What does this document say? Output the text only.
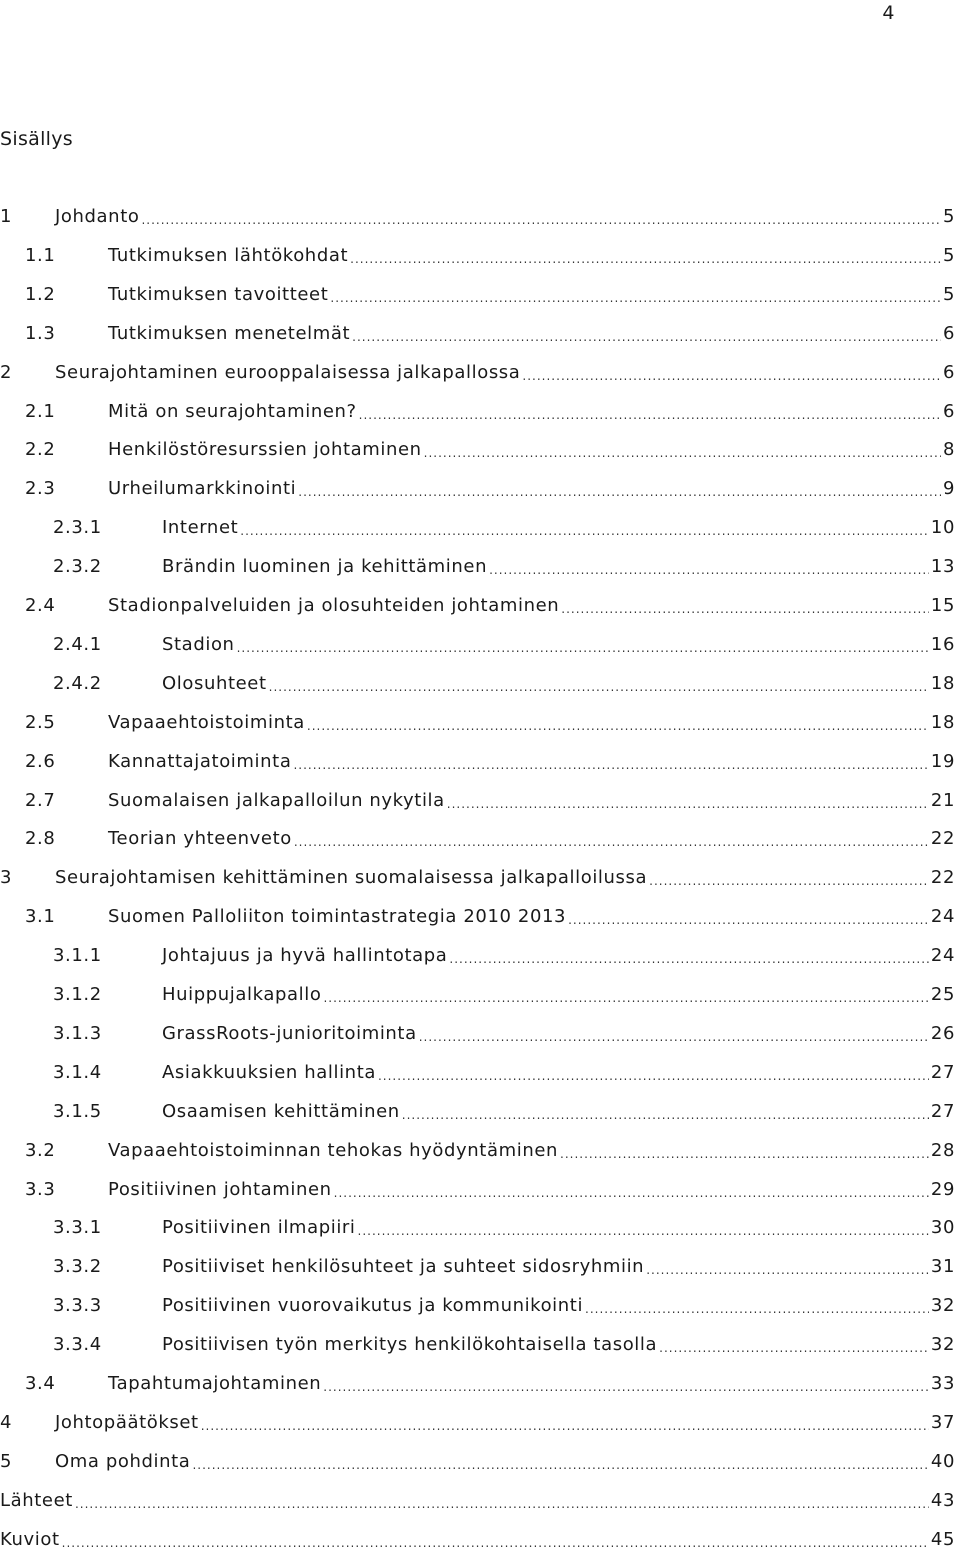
4
Sisällys
1	Johdanto .....	5
1.1	Tutkimuksen lähtökohdat .....	5
1.2	Tutkimuksen tavoitteet .....	5
1.3	Tutkimuksen menetelmät .....	6
2	Seurajohtaminen eurooppalaisessa jalkapallossa .....	6
2.1	Mitä on seurajohtaminen? .....	6
2.2	Henkilöstöresurssien johtaminen .....	8
2.3	Urheilumarkkinointi .....	9
2.3.1	Internet .....	10
2.3.2	Brändin luominen ja kehittäminen .....	13
2.4	Stadionpalveluiden ja olosuhteiden johtaminen .....	15
2.4.1	Stadion .....	16
2.4.2	Olosuhteet .....	18
2.5	Vapaaehtoistoiminta .....	18
2.6	Kannattajatoiminta .....	19
2.7	Suomalaisen jalkapalloilun nykytila .....	21
2.8	Teorian yhteenveto .....	22
3	Seurajohtamisen kehittäminen suomalaisessa jalkapalloilussa .....	22
3.1	Suomen Palloliiton toimintastrategia 2010 2013 .....	24
3.1.1	Johtajuus ja hyvä hallintotapa .....	24
3.1.2	Huippujalkapallo .....	25
3.1.3	GrassRoots-junioritoiminta .....	26
3.1.4	Asiakkuuksien hallinta .....	27
3.1.5	Osaamisen kehittäminen .....	27
3.2	Vapaaehtoistoiminnan tehokas hyödyntäminen .....	28
3.3	Positiivinen johtaminen .....	29
3.3.1	Positiivinen ilmapiiri .....	30
3.3.2	Positiiviset henkilösuhteet ja suhteet sidosryhmiin .....	31
3.3.3	Positiivinen vuorovaikutus ja kommunikointi .....	32
3.3.4	Positiivisen työn merkitys henkilökohtaisella tasolla .....	32
3.4	Tapahtumajohtaminen .....	33
4	Johtopäätökset .....	37
5	Oma pohdinta .....	40
Lähteet .....	43
Kuviot .....	45
